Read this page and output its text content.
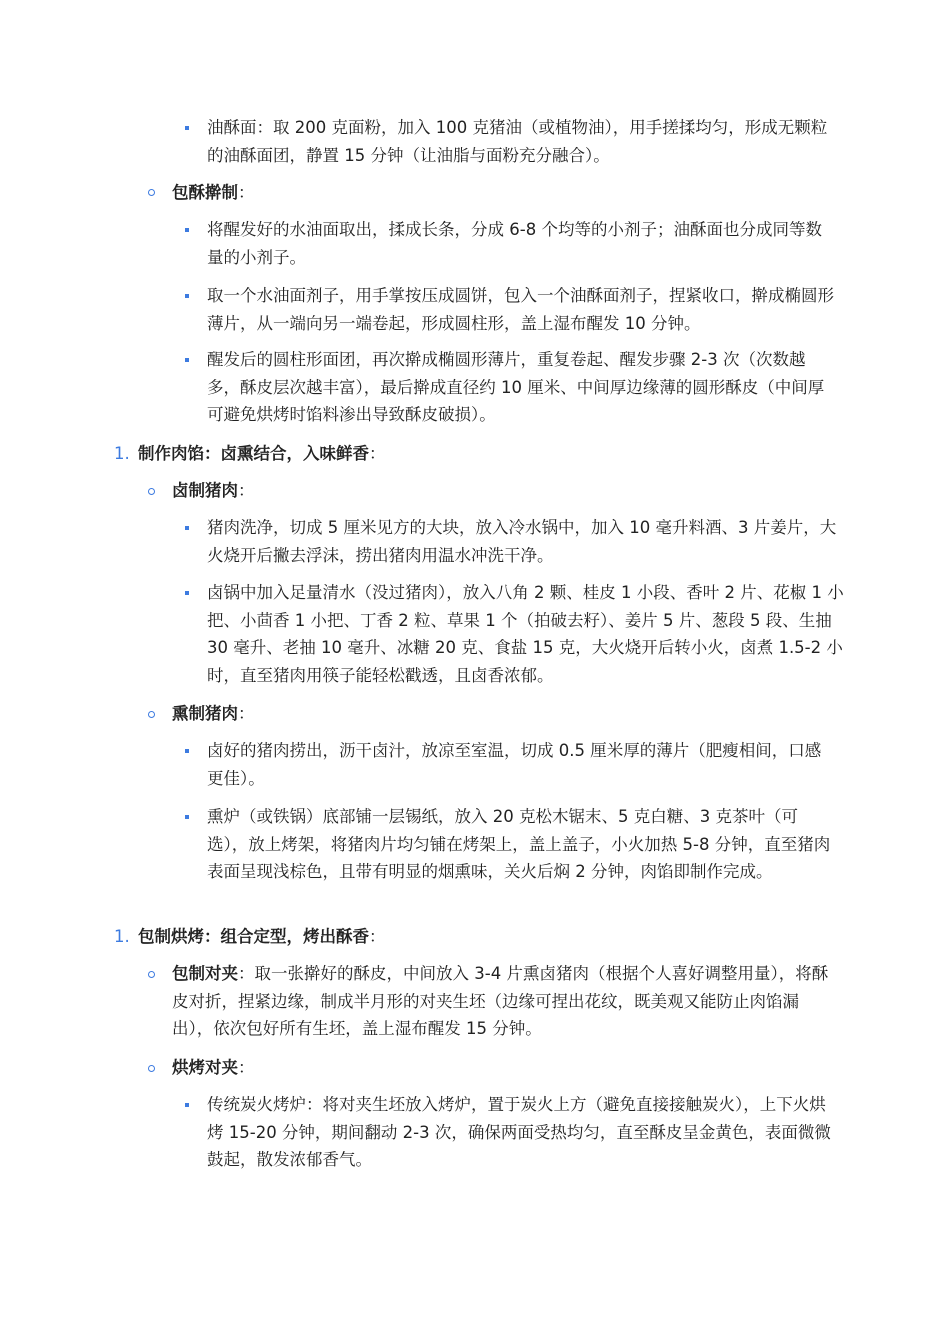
油酥面：取 200 克面粉，加入 100 克猪油（或植物油），用手搓揉均匀，形成无颗粒的油酥面团，静置 15 分钟（让油脂与面粉充分融合）。
包酥擀制：
将醒发好的水油面取出，揉成长条，分成 6-8 个均等的小剂子；油酥面也分成同等数量的小剂子。
取一个水油面剂子，用手掌按压成圆饼，包入一个油酥面剂子，捏紧收口，擀成椭圆形薄片，从一端向另一端卷起，形成圆柱形，盖上湿布醒发 10 分钟。
醒发后的圆柱形面团，再次擀成椭圆形薄片，重复卷起、醒发步骤 2-3 次（次数越多，酥皮层次越丰富），最后擀成直径约 10 厘米、中间厚边缘薄的圆形酥皮（中间厚可避免烘烤时馅料渗出导致酥皮破损）。
1. 制作肉馅：卤熏结合，入味鲜香：
卤制猪肉：
猪肉洗净，切成 5 厘米见方的大块，放入冷水锅中，加入 10 毫升料酒、3 片姜片，大火烧开后撇去浮沫，捞出猪肉用温水冲洗干净。
卤锅中加入足量清水（没过猪肉），放入八角 2 颗、桂皮 1 小段、香叶 2 片、花椒 1 小把、小茴香 1 小把、丁香 2 粒、草果 1 个（拍破去籽）、姜片 5 片、葱段 5 段、生抽 30 毫升、老抽 10 毫升、冰糖 20 克、食盐 15 克，大火烧开后转小火，卤煮 1.5-2 小时，直至猪肉用筷子能轻松戳透，且卤香浓郁。
熏制猪肉：
卤好的猪肉捞出，沥干卤汁，放凉至室温，切成 0.5 厘米厚的薄片（肥瘦相间，口感更佳）。
熏炉（或铁锅）底部铺一层锡纸，放入 20 克松木锯末、5 克白糖、3 克茶叶（可选），放上烤架，将猪肉片均匀铺在烤架上，盖上盖子，小火加热 5-8 分钟，直至猪肉表面呈现浅棕色，且带有明显的烟熏味，关火后焖 2 分钟，肉馅即制作完成。
1. 包制烘烤：组合定型，烤出酥香：
包制对夹：取一张擀好的酥皮，中间放入 3-4 片熏卤猪肉（根据个人喜好调整用量），将酥皮对折，捏紧边缘，制成半月形的对夹生坯（边缘可捏出花纹，既美观又能防止肉馅漏出），依次包好所有生坯，盖上湿布醒发 15 分钟。
烘烤对夹：
传统炭火烤炉：将对夹生坯放入烤炉，置于炭火上方（避免直接接触炭火），上下火烘烤 15-20 分钟，期间翻动 2-3 次，确保两面受热均匀，直至酥皮呈金黄色，表面微微鼓起，散发浓郁香气。
